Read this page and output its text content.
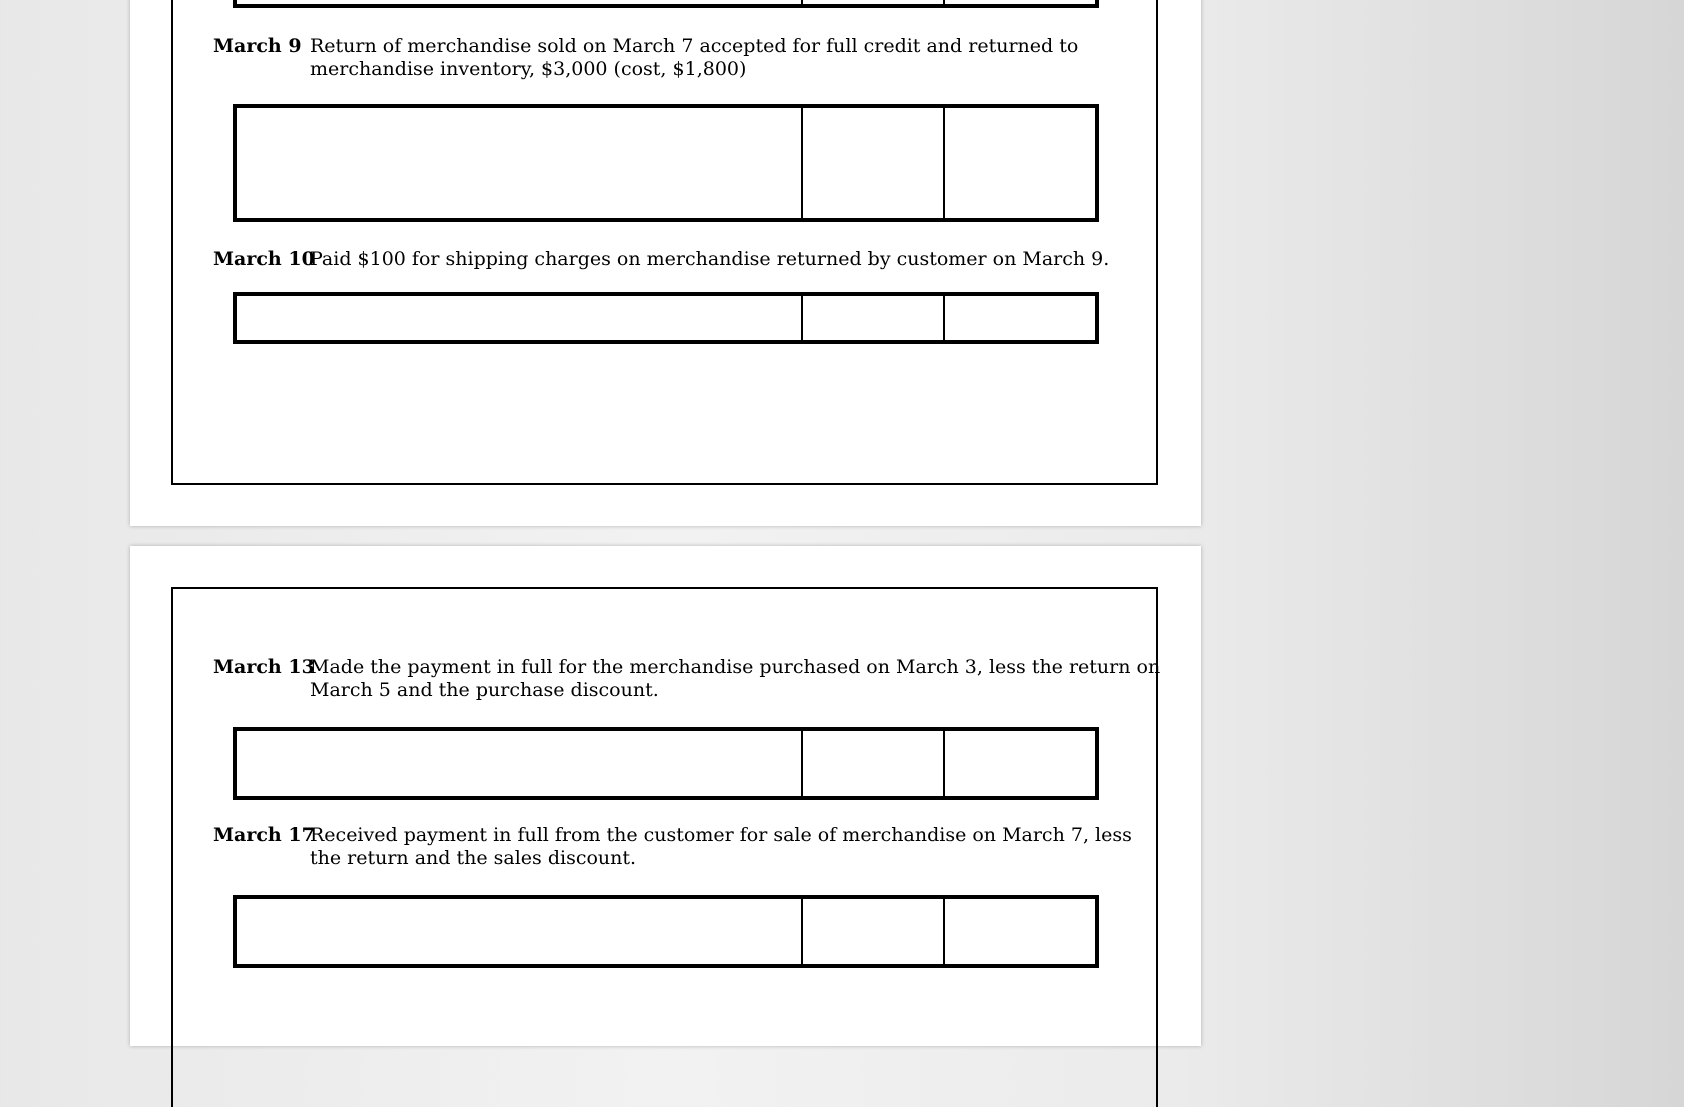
March 9 Return of merchandise sold on March 7 accepted for full credit and returned to merchandise inventory, $3,000 (cost, $1,800)
March 10
Paid $100 for shipping charges on merchandise returned by customer on March 9.
March 13
Made the payment in full for the merchandise purchased on March 3, less the return on March 5 and the purchase discount.
March 17
Received payment in full from the customer for sale of merchandise on March 7, less the return and the sales discount.
